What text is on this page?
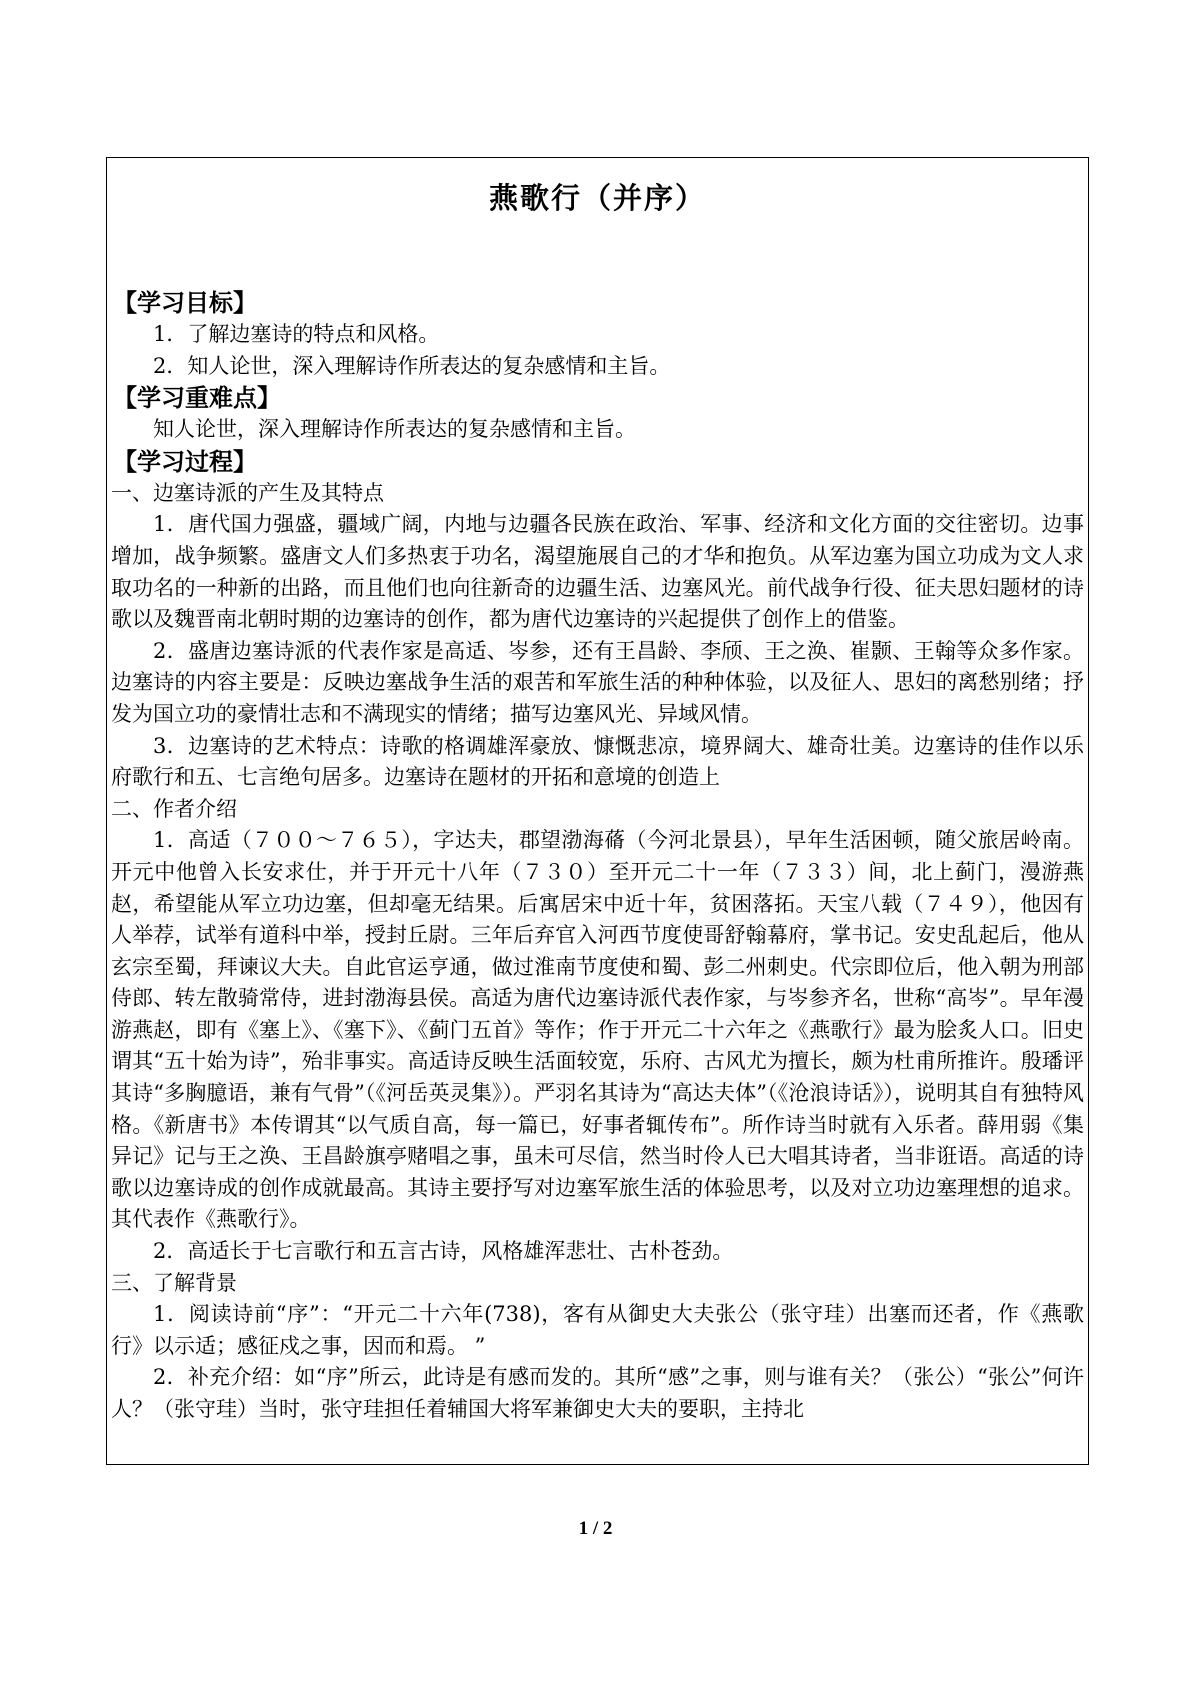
燕歌行（并序）
【学习目标】
1．了解边塞诗的特点和风格。
2．知人论世，深入理解诗作所表达的复杂感情和主旨。
【学习重难点】
知人论世，深入理解诗作所表达的复杂感情和主旨。
【学习过程】
一、边塞诗派的产生及其特点
1．唐代国力强盛，疆域广阔，内地与边疆各民族在政治、军事、经济和文化方面的交往密切。边事增加，战争频繁。盛唐文人们多热衷于功名，渴望施展自己的才华和抱负。从军边塞为国立功成为文人求取功名的一种新的出路，而且他们也向往新奇的边疆生活、边塞风光。前代战争行役、征夫思妇题材的诗歌以及魏晋南北朝时期的边塞诗的创作，都为唐代边塞诗的兴起提供了创作上的借鉴。
2．盛唐边塞诗派的代表作家是高适、岑参，还有王昌龄、李颀、王之涣、崔颢、王翰等众多作家。边塞诗的内容主要是：反映边塞战争生活的艰苦和军旅生活的种种体验，以及征人、思妇的离愁别绪；抒发为国立功的豪情壮志和不满现实的情绪；描写边塞风光、异域风情。
3．边塞诗的艺术特点：诗歌的格调雄浑豪放、慷慨悲凉，境界阔大、雄奇壮美。边塞诗的佳作以乐府歌行和五、七言绝句居多。边塞诗在题材的开拓和意境的创造上
二、作者介绍
1．高适（７００～７６５），字达夫，郡望渤海蓨（今河北景县），早年生活困顿，随父旅居岭南。开元中他曾入长安求仕，并于开元十八年（７３０）至开元二十一年（７３３）间，北上蓟门，漫游燕赵，希望能从军立功边塞，但却毫无结果。后寓居宋中近十年，贫困落拓。天宝八载（７４９），他因有人举荐，试举有道科中举，授封丘尉。三年后弃官入河西节度使哥舒翰幕府，掌书记。安史乱起后，他从玄宗至蜀，拜谏议大夫。自此官运亨通，做过淮南节度使和蜀、彭二州刺史。代宗即位后，他入朝为刑部侍郎、转左散骑常侍，进封渤海县侯。高适为唐代边塞诗派代表作家，与岑参齐名，世称“高岑”。早年漫游燕赵，即有《塞上》、《塞下》、《蓟门五首》等作；作于开元二十六年之《燕歌行》最为脍炙人口。旧史谓其“五十始为诗”，殆非事实。高适诗反映生活面较宽，乐府、古风尤为擅长，颇为杜甫所推许。殷璠评其诗“多胸臆语，兼有气骨”（《河岳英灵集》）。严羽名其诗为“高达夫体”（《沧浪诗话》），说明其自有独特风格。《新唐书》本传谓其“以气质自高，每一篇已，好事者辄传布”。所作诗当时就有入乐者。薛用弱《集异记》记与王之涣、王昌龄旗亭赌唱之事，虽未可尽信，然当时伶人已大唱其诗者，当非诳语。高适的诗歌以边塞诗成的创作成就最高。其诗主要抒写对边塞军旅生活的体验思考，以及对立功边塞理想的追求。其代表作《燕歌行》。
2．高适长于七言歌行和五言古诗，风格雄浑悲壮、古朴苍劲。
三、了解背景
1．阅读诗前“序”：“开元二十六年(738)，客有从御史大夫张公（张守珪）出塞而还者，作《燕歌行》以示适；感征戍之事，因而和焉。 ”
2．补充介绍：如“序”所云，此诗是有感而发的。其所“感”之事，则与谁有关？（张公）“张公”何许人？（张守珪）当时，张守珪担任着辅国大将军兼御史大夫的要职，主持北
1 / 2
